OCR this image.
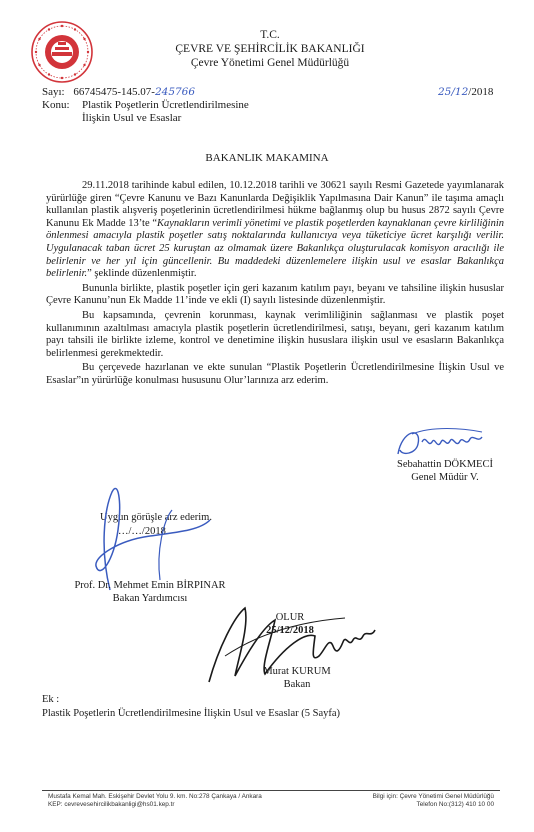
T.C.
ÇEVRE VE ŞEHİRCİLİK BAKANLIĞI
Çevre Yönetimi Genel Müdürlüğü
Sayı: 66745475-145.07-245766	25/12/2018
Konu: Plastik Poşetlerin Ücretlendirilmesine
İlişkin Usul ve Esaslar
BAKANLIK MAKAMINA

29.11.2018 tarihinde kabul edilen, 10.12.2018 tarihli ve 30621 sayılı Resmi Gazetede yayımlanarak yürürlüğe giren “Çevre Kanunu ve Bazı Kanunlarda Değişiklik Yapılmasına Dair Kanun” ile taşıma amaçlı kullanılan plastik alışveriş poşetlerinin ücretlendirilmesi hükme bağlanmış olup bu husus 2872 sayılı Çevre Kanunu Ek Madde 13’te “Kaynakların verimli yönetimi ve plastik poşetlerden kaynaklanan çevre kirliliğinin önlenmesi amacıyla plastik poşetler satış noktalarında kullanıcıya veya tüketiciye ücret karşılığı verilir. Uygulanacak taban ücret 25 kuruştan az olmamak üzere Bakanlıkça oluşturulacak komisyon aracılığı ile belirlenir ve her yıl için güncellenir. Bu maddedeki düzenlemelere ilişkin usul ve esaslar Bakanlıkça belirlenir.” şeklinde düzenlenmiştir.

Bununla birlikte, plastik poşetler için geri kazanım katılım payı, beyanı ve tahsiline ilişkin hususlar Çevre Kanunu’nun Ek Madde 11’inde ve ekli (I) sayılı listesinde düzenlenmiştir.

Bu kapsamında, çevrenin korunması, kaynak verimliliğinin sağlanması ve plastik poşet kullanımının azaltılması amacıyla plastik poşetlerin ücretlendirilmesi, satışı, beyanı, geri kazanım katılım payı tahsili ile birlikte izleme, kontrol ve denetimine ilişkin hususlara ilişkin usul ve esasların Bakanlıkça belirlenmesi gerekmektedir.

Bu çerçevede hazırlanan ve ekte sunulan “Plastik Poşetlerin Ücretlendirilmesine İlişkin Usul ve Esaslar”ın yürürlüğe konulması hususunu Olur’larınıza arz ederim.

Sebahattin DÖKMECİ
Genel Müdür V.
Uygun görüşle arz ederim.
…/…/2018
Prof. Dr. Mehmet Emin BİRPINAR
Bakan Yardımcısı
OLUR
25/12/2018
Murat KURUM
Bakan
Ek :
Plastik Poşetlerin Ücretlendirilmesine İlişkin Usul ve Esaslar (5 Sayfa)
Mustafa Kemal Mah. Eskişehir Devlet Yolu 9. km. No:278 Çankaya / Ankara
KEP: cevrevesehircilikbakanligi@hs01.kep.tr
Bilgi için: Çevre Yönetimi Genel Müdürlüğü
Telefon No:(312) 410 10 00
